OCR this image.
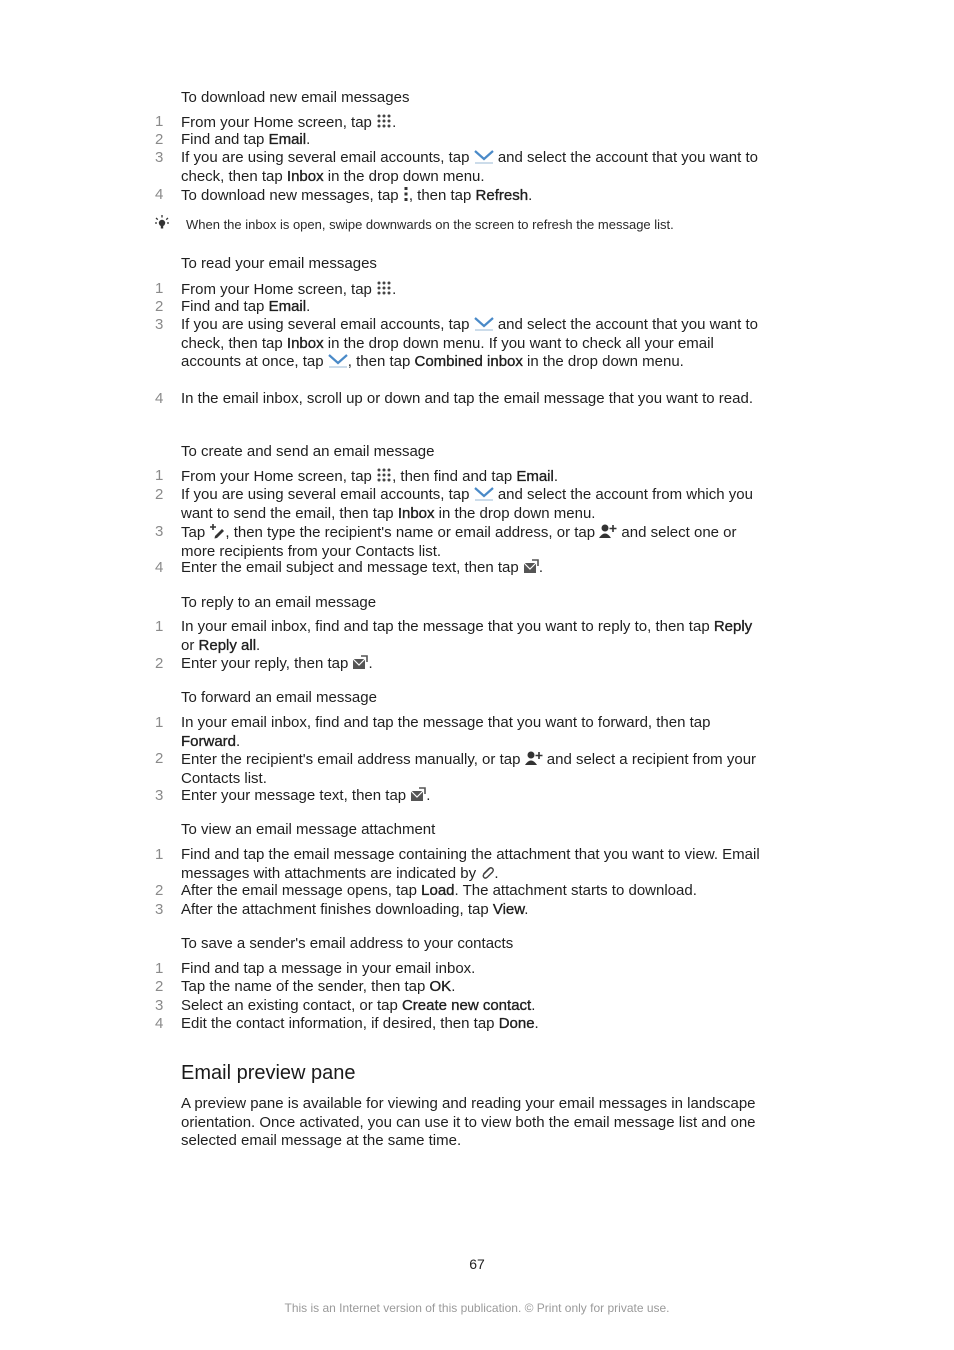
To download new email messages
1 From your Home screen, tap .
2 Find and tap Email.
3 If you are using several email accounts, tap  and select the account that you want to check, then tap Inbox in the drop down menu.
4 To download new messages, tap , then tap Refresh.
When the inbox is open, swipe downwards on the screen to refresh the message list.
To read your email messages
1 From your Home screen, tap .
2 Find and tap Email.
3 If you are using several email accounts, tap  and select the account that you want to check, then tap Inbox in the drop down menu. If you want to check all your email accounts at once, tap , then tap Combined inbox in the drop down menu.
4 In the email inbox, scroll up or down and tap the email message that you want to read.
To create and send an email message
1 From your Home screen, tap , then find and tap Email.
2 If you are using several email accounts, tap  and select the account from which you want to send the email, then tap Inbox in the drop down menu.
3 Tap , then type the recipient's name or email address, or tap  and select one or more recipients from your Contacts list.
4 Enter the email subject and message text, then tap .
To reply to an email message
1 In your email inbox, find and tap the message that you want to reply to, then tap Reply or Reply all.
2 Enter your reply, then tap .
To forward an email message
1 In your email inbox, find and tap the message that you want to forward, then tap Forward.
2 Enter the recipient's email address manually, or tap  and select a recipient from your Contacts list.
3 Enter your message text, then tap .
To view an email message attachment
1 Find and tap the email message containing the attachment that you want to view. Email messages with attachments are indicated by .
2 After the email message opens, tap Load. The attachment starts to download.
3 After the attachment finishes downloading, tap View.
To save a sender's email address to your contacts
1 Find and tap a message in your email inbox.
2 Tap the name of the sender, then tap OK.
3 Select an existing contact, or tap Create new contact.
4 Edit the contact information, if desired, then tap Done.
Email preview pane
A preview pane is available for viewing and reading your email messages in landscape orientation. Once activated, you can use it to view both the email message list and one selected email message at the same time.
67
This is an Internet version of this publication. © Print only for private use.
